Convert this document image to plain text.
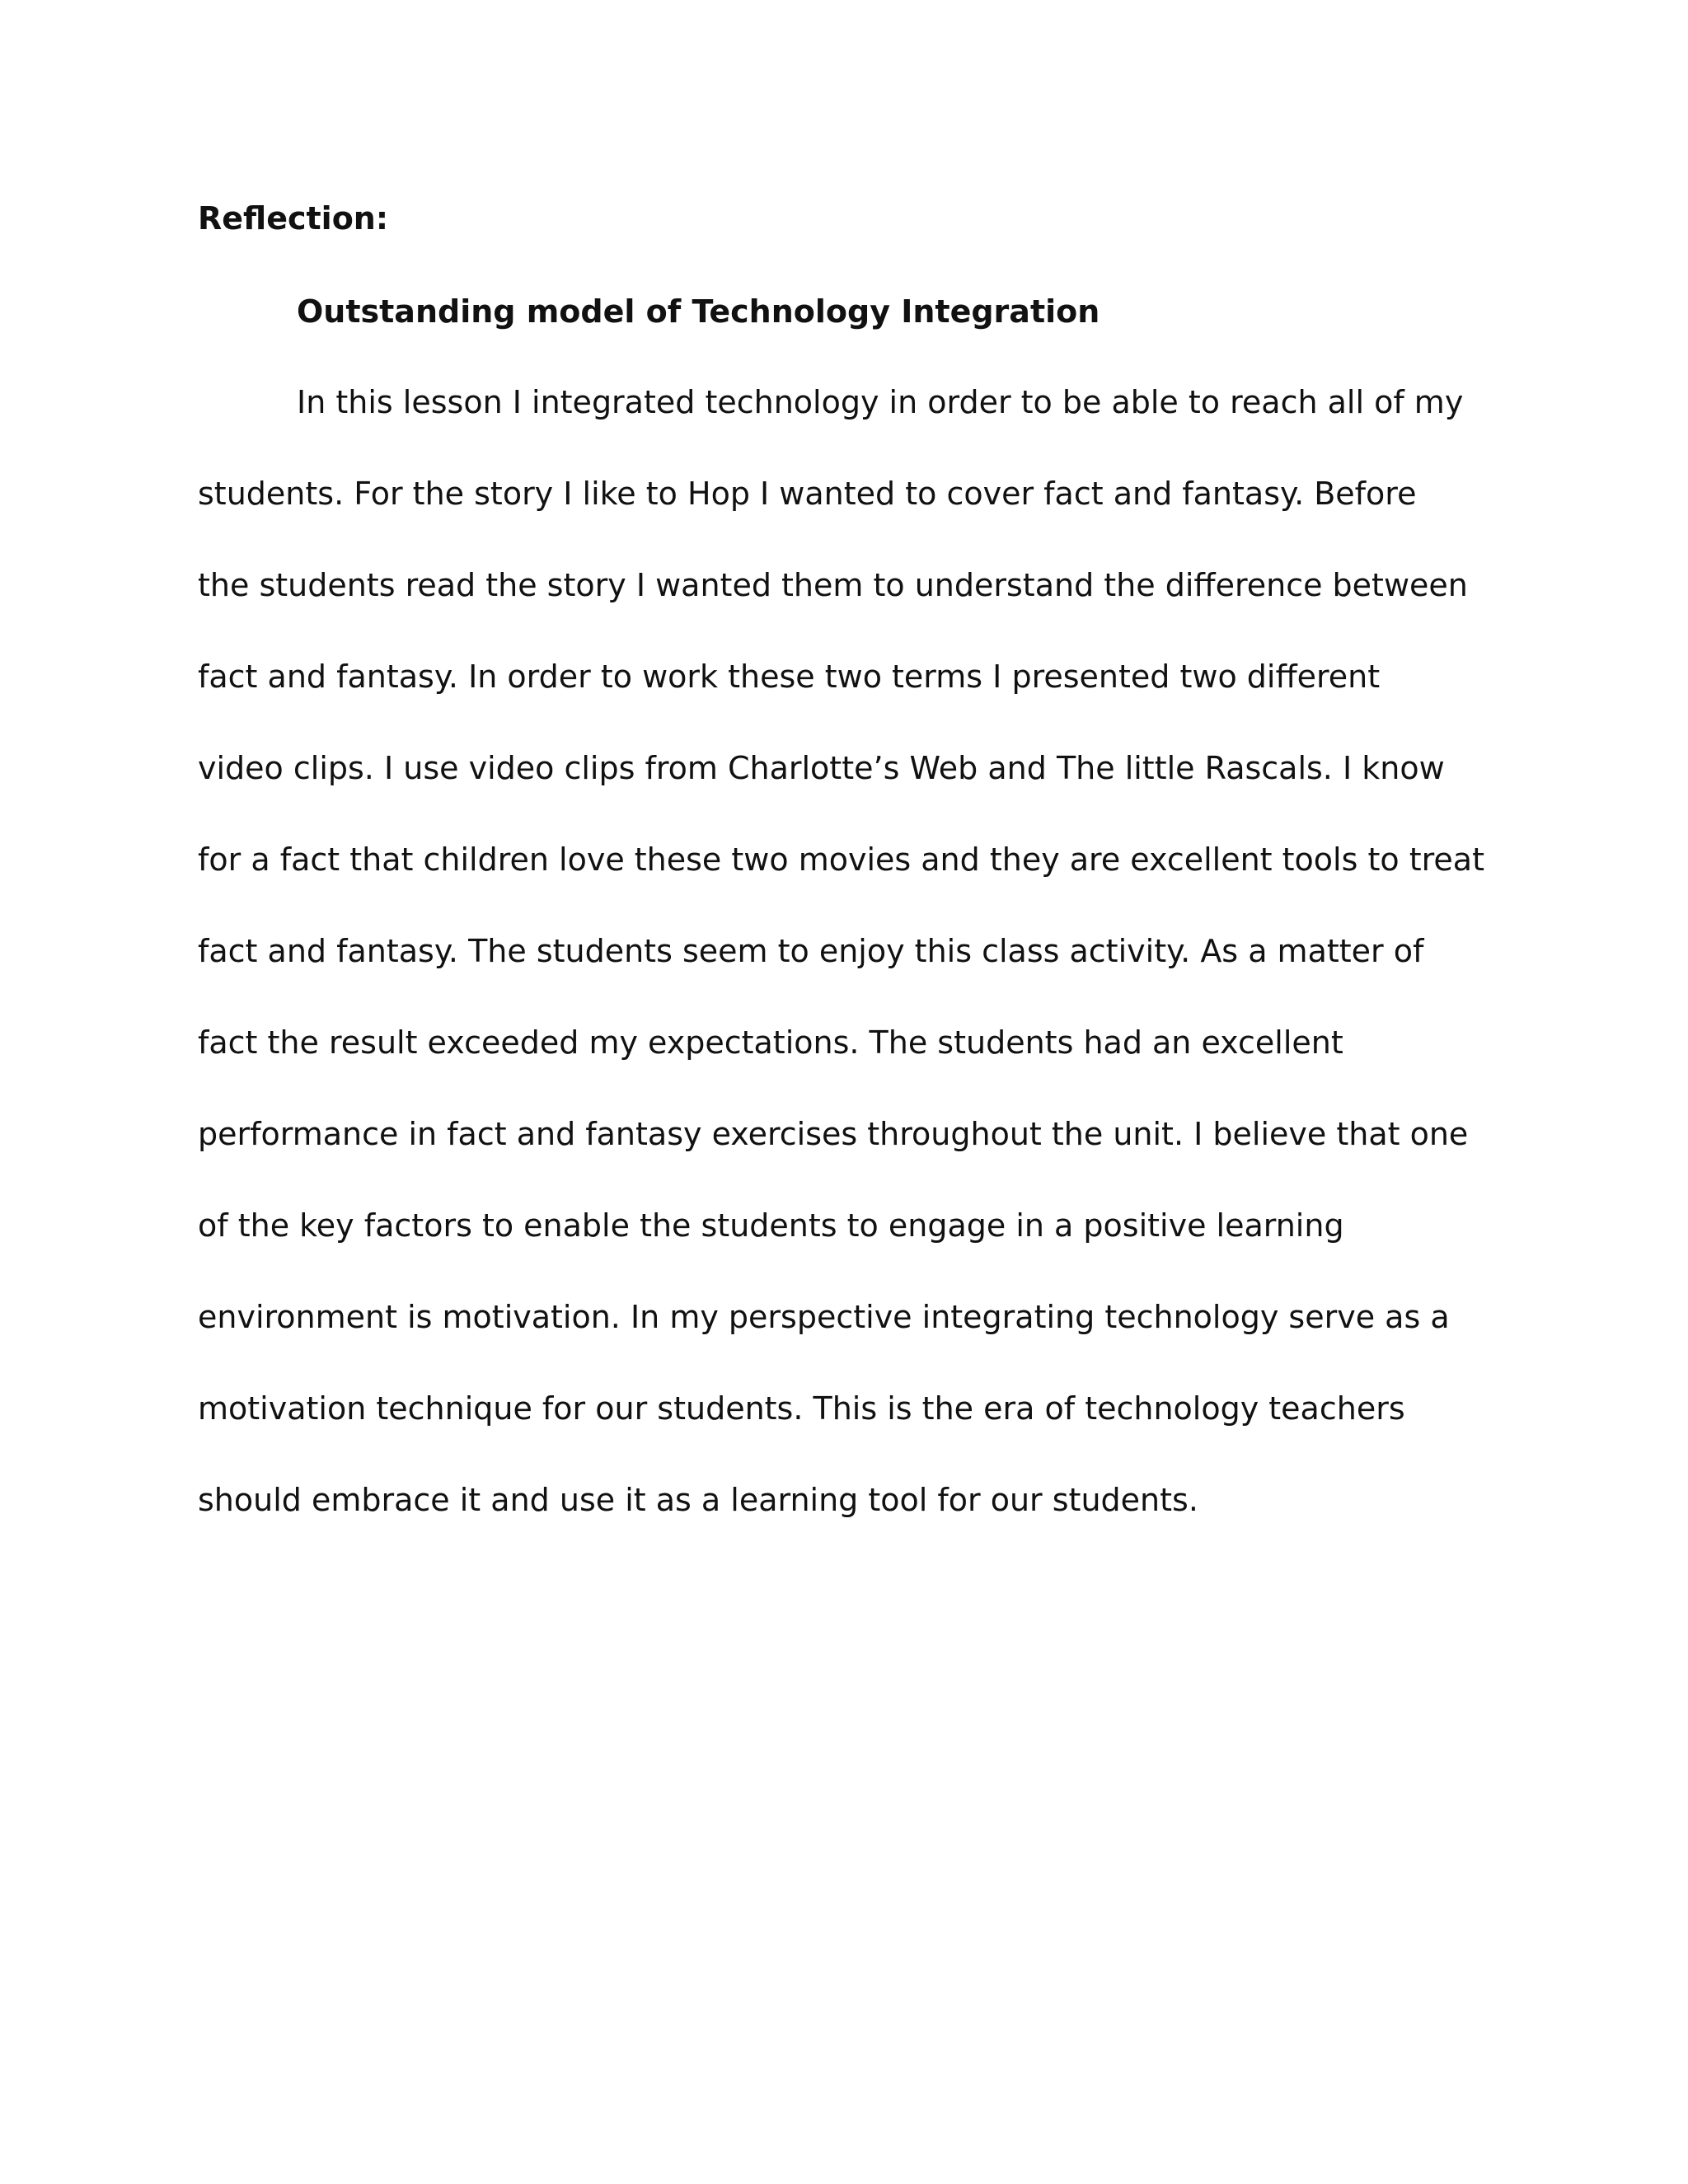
Reflection:
Outstanding model of Technology Integration
In this lesson I integrated technology in order to be able to reach all of my
students. For the story I like to Hop I wanted to cover fact and fantasy. Before
the students read the story I wanted them to understand the difference between
fact and fantasy. In order to work these two terms I presented two different
video clips. I use video clips from Charlotte’s Web and The little Rascals. I know
for a fact that children love these two movies and they are excellent tools to treat
fact and fantasy. The students seem to enjoy this class activity. As a matter of
fact the result exceeded my expectations. The students had an excellent
performance in fact and fantasy exercises throughout the unit. I believe that one
of the key factors to enable the students to engage in a positive learning
environment is motivation. In my perspective integrating technology serve as a
motivation technique for our students. This is the era of technology teachers
should embrace it and use it as a learning tool for our students.
